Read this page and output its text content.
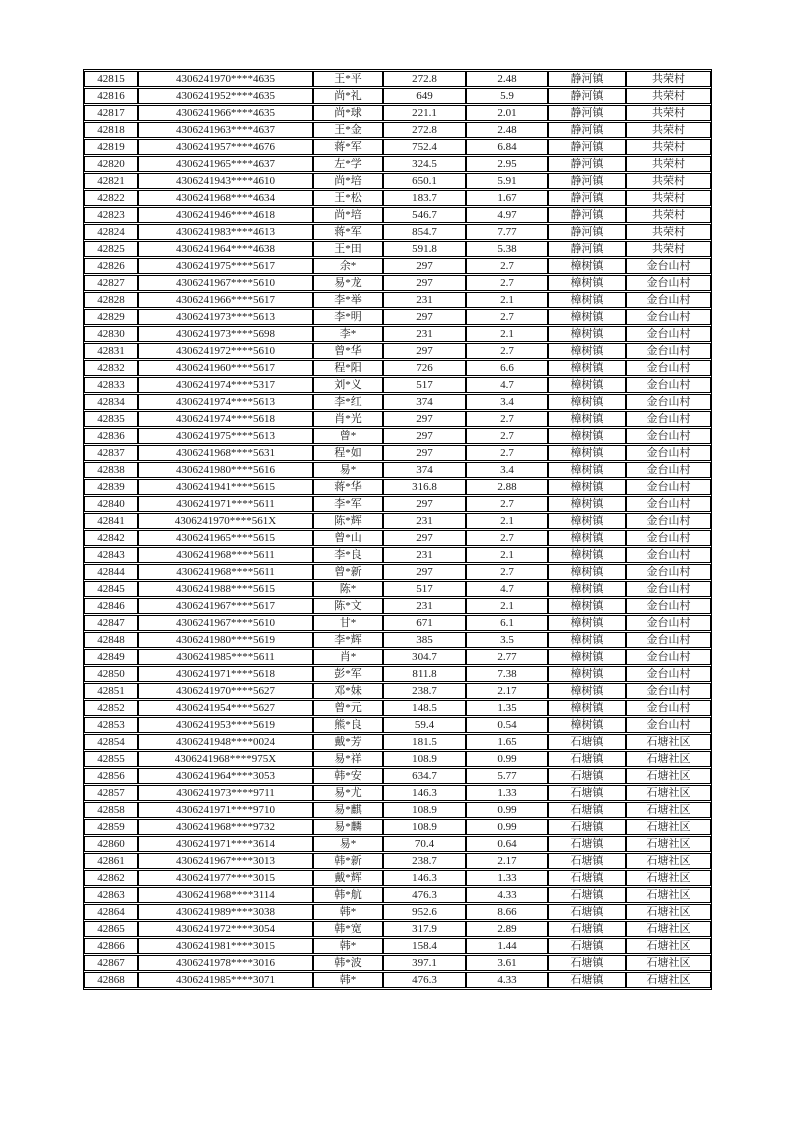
42815	4306241970****4635	王*平	272.8	2.48	静河镇	共荣村
42816	4306241952****4635	尚*礼	649	5.9	静河镇	共荣村
42817	4306241966****4635	尚*球	221.1	2.01	静河镇	共荣村
42818	4306241963****4637	王*金	272.8	2.48	静河镇	共荣村
42819	4306241957****4676	蒋*军	752.4	6.84	静河镇	共荣村
42820	4306241965****4637	左*学	324.5	2.95	静河镇	共荣村
42821	4306241943****4610	尚*培	650.1	5.91	静河镇	共荣村
42822	4306241968****4634	王*松	183.7	1.67	静河镇	共荣村
42823	4306241946****4618	尚*培	546.7	4.97	静河镇	共荣村
42824	4306241983****4613	蒋*军	854.7	7.77	静河镇	共荣村
42825	4306241964****4638	王*田	591.8	5.38	静河镇	共荣村
42826	4306241975****5617	余*	297	2.7	樟树镇	金台山村
42827	4306241967****5610	易*龙	297	2.7	樟树镇	金台山村
42828	4306241966****5617	李*举	231	2.1	樟树镇	金台山村
42829	4306241973****5613	李*明	297	2.7	樟树镇	金台山村
42830	4306241973****5698	李*	231	2.1	樟树镇	金台山村
42831	4306241972****5610	曾*华	297	2.7	樟树镇	金台山村
42832	4306241960****5617	程*阳	726	6.6	樟树镇	金台山村
42833	4306241974****5317	刘*义	517	4.7	樟树镇	金台山村
42834	4306241974****5613	李*红	374	3.4	樟树镇	金台山村
42835	4306241974****5618	肖*光	297	2.7	樟树镇	金台山村
42836	4306241975****5613	曾*	297	2.7	樟树镇	金台山村
42837	4306241968****5631	程*如	297	2.7	樟树镇	金台山村
42838	4306241980****5616	易*	374	3.4	樟树镇	金台山村
42839	4306241941****5615	蒋*华	316.8	2.88	樟树镇	金台山村
42840	4306241971****5611	李*军	297	2.7	樟树镇	金台山村
42841	4306241970****561X	陈*辉	231	2.1	樟树镇	金台山村
42842	4306241965****5615	曾*山	297	2.7	樟树镇	金台山村
42843	4306241968****5611	李*良	231	2.1	樟树镇	金台山村
42844	4306241968****5611	曾*新	297	2.7	樟树镇	金台山村
42845	4306241988****5615	陈*	517	4.7	樟树镇	金台山村
42846	4306241967****5617	陈*文	231	2.1	樟树镇	金台山村
42847	4306241967****5610	甘*	671	6.1	樟树镇	金台山村
42848	4306241980****5619	李*辉	385	3.5	樟树镇	金台山村
42849	4306241985****5611	肖*	304.7	2.77	樟树镇	金台山村
42850	4306241971****5618	彭*军	811.8	7.38	樟树镇	金台山村
42851	4306241970****5627	邓*妹	238.7	2.17	樟树镇	金台山村
42852	4306241954****5627	曾*元	148.5	1.35	樟树镇	金台山村
42853	4306241953****5619	熊*良	59.4	0.54	樟树镇	金台山村
42854	4306241948****0024	戴*芳	181.5	1.65	石塘镇	石塘社区
42855	4306241968****975X	易*祥	108.9	0.99	石塘镇	石塘社区
42856	4306241964****3053	韩*安	634.7	5.77	石塘镇	石塘社区
42857	4306241973****9711	易*尤	146.3	1.33	石塘镇	石塘社区
42858	4306241971****9710	易*麒	108.9	0.99	石塘镇	石塘社区
42859	4306241968****9732	易*麟	108.9	0.99	石塘镇	石塘社区
42860	4306241971****3614	易*	70.4	0.64	石塘镇	石塘社区
42861	4306241967****3013	韩*新	238.7	2.17	石塘镇	石塘社区
42862	4306241977****3015	戴*辉	146.3	1.33	石塘镇	石塘社区
42863	4306241968****3114	韩*航	476.3	4.33	石塘镇	石塘社区
42864	4306241989****3038	韩*	952.6	8.66	石塘镇	石塘社区
42865	4306241972****3054	韩*宽	317.9	2.89	石塘镇	石塘社区
42866	4306241981****3015	韩*	158.4	1.44	石塘镇	石塘社区
42867	4306241978****3016	韩*波	397.1	3.61	石塘镇	石塘社区
42868	4306241985****3071	韩*	476.3	4.33	石塘镇	石塘社区
